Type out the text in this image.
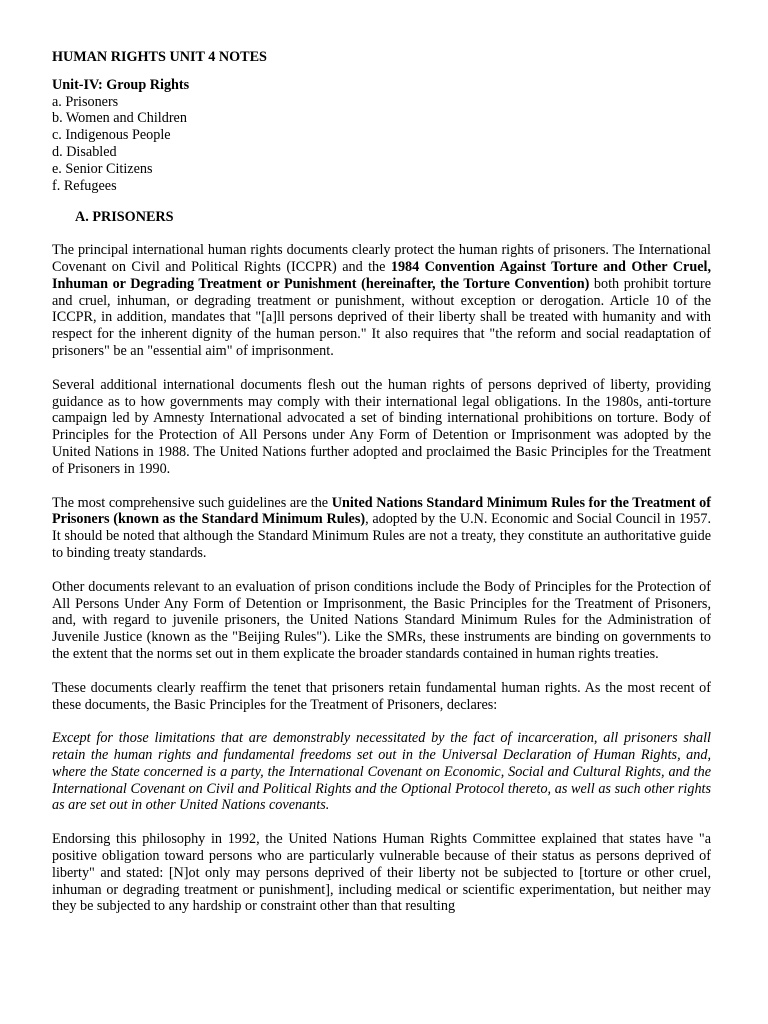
HUMAN RIGHTS UNIT 4 NOTES
Unit-IV: Group Rights
a. Prisoners
b. Women and Children
c. Indigenous People
d. Disabled
e. Senior Citizens
f. Refugees
A. PRISONERS

The principal international human rights documents clearly protect the human rights of prisoners. The International Covenant on Civil and Political Rights (ICCPR) and the 1984 Convention Against Torture and Other Cruel, Inhuman or Degrading Treatment or Punishment (hereinafter, the Torture Convention) both prohibit torture and cruel, inhuman, or degrading treatment or punishment, without exception or derogation. Article 10 of the ICCPR, in addition, mandates that "[a]ll persons deprived of their liberty shall be treated with humanity and with respect for the inherent dignity of the human person." It also requires that "the reform and social readaptation of prisoners" be an "essential aim" of imprisonment.

Several additional international documents flesh out the human rights of persons deprived of liberty, providing guidance as to how governments may comply with their international legal obligations. In the 1980s, anti-torture campaign led by Amnesty International advocated a set of binding international prohibitions on torture. Body of Principles for the Protection of All Persons under Any Form of Detention or Imprisonment was adopted by the United Nations in 1988. The United Nations further adopted and proclaimed the Basic Principles for the Treatment of Prisoners in 1990.

The most comprehensive such guidelines are the United Nations Standard Minimum Rules for the Treatment of Prisoners (known as the Standard Minimum Rules), adopted by the U.N. Economic and Social Council in 1957. It should be noted that although the Standard Minimum Rules are not a treaty, they constitute an authoritative guide to binding treaty standards.

Other documents relevant to an evaluation of prison conditions include the Body of Principles for the Protection of All Persons Under Any Form of Detention or Imprisonment, the Basic Principles for the Treatment of Prisoners, and, with regard to juvenile prisoners, the United Nations Standard Minimum Rules for the Administration of Juvenile Justice (known as the "Beijing Rules"). Like the SMRs, these instruments are binding on governments to the extent that the norms set out in them explicate the broader standards contained in human rights treaties.

These documents clearly reaffirm the tenet that prisoners retain fundamental human rights. As the most recent of these documents, the Basic Principles for the Treatment of Prisoners, declares:

Except for those limitations that are demonstrably necessitated by the fact of incarceration, all prisoners shall retain the human rights and fundamental freedoms set out in the Universal Declaration of Human Rights, and, where the State concerned is a party, the International Covenant on Economic, Social and Cultural Rights, and the International Covenant on Civil and Political Rights and the Optional Protocol thereto, as well as such other rights as are set out in other United Nations covenants.

Endorsing this philosophy in 1992, the United Nations Human Rights Committee explained that states have "a positive obligation toward persons who are particularly vulnerable because of their status as persons deprived of liberty" and stated: [N]ot only may persons deprived of their liberty not be subjected to [torture or other cruel, inhuman or degrading treatment or punishment], including medical or scientific experimentation, but neither may they be subjected to any hardship or constraint other than that resulting
